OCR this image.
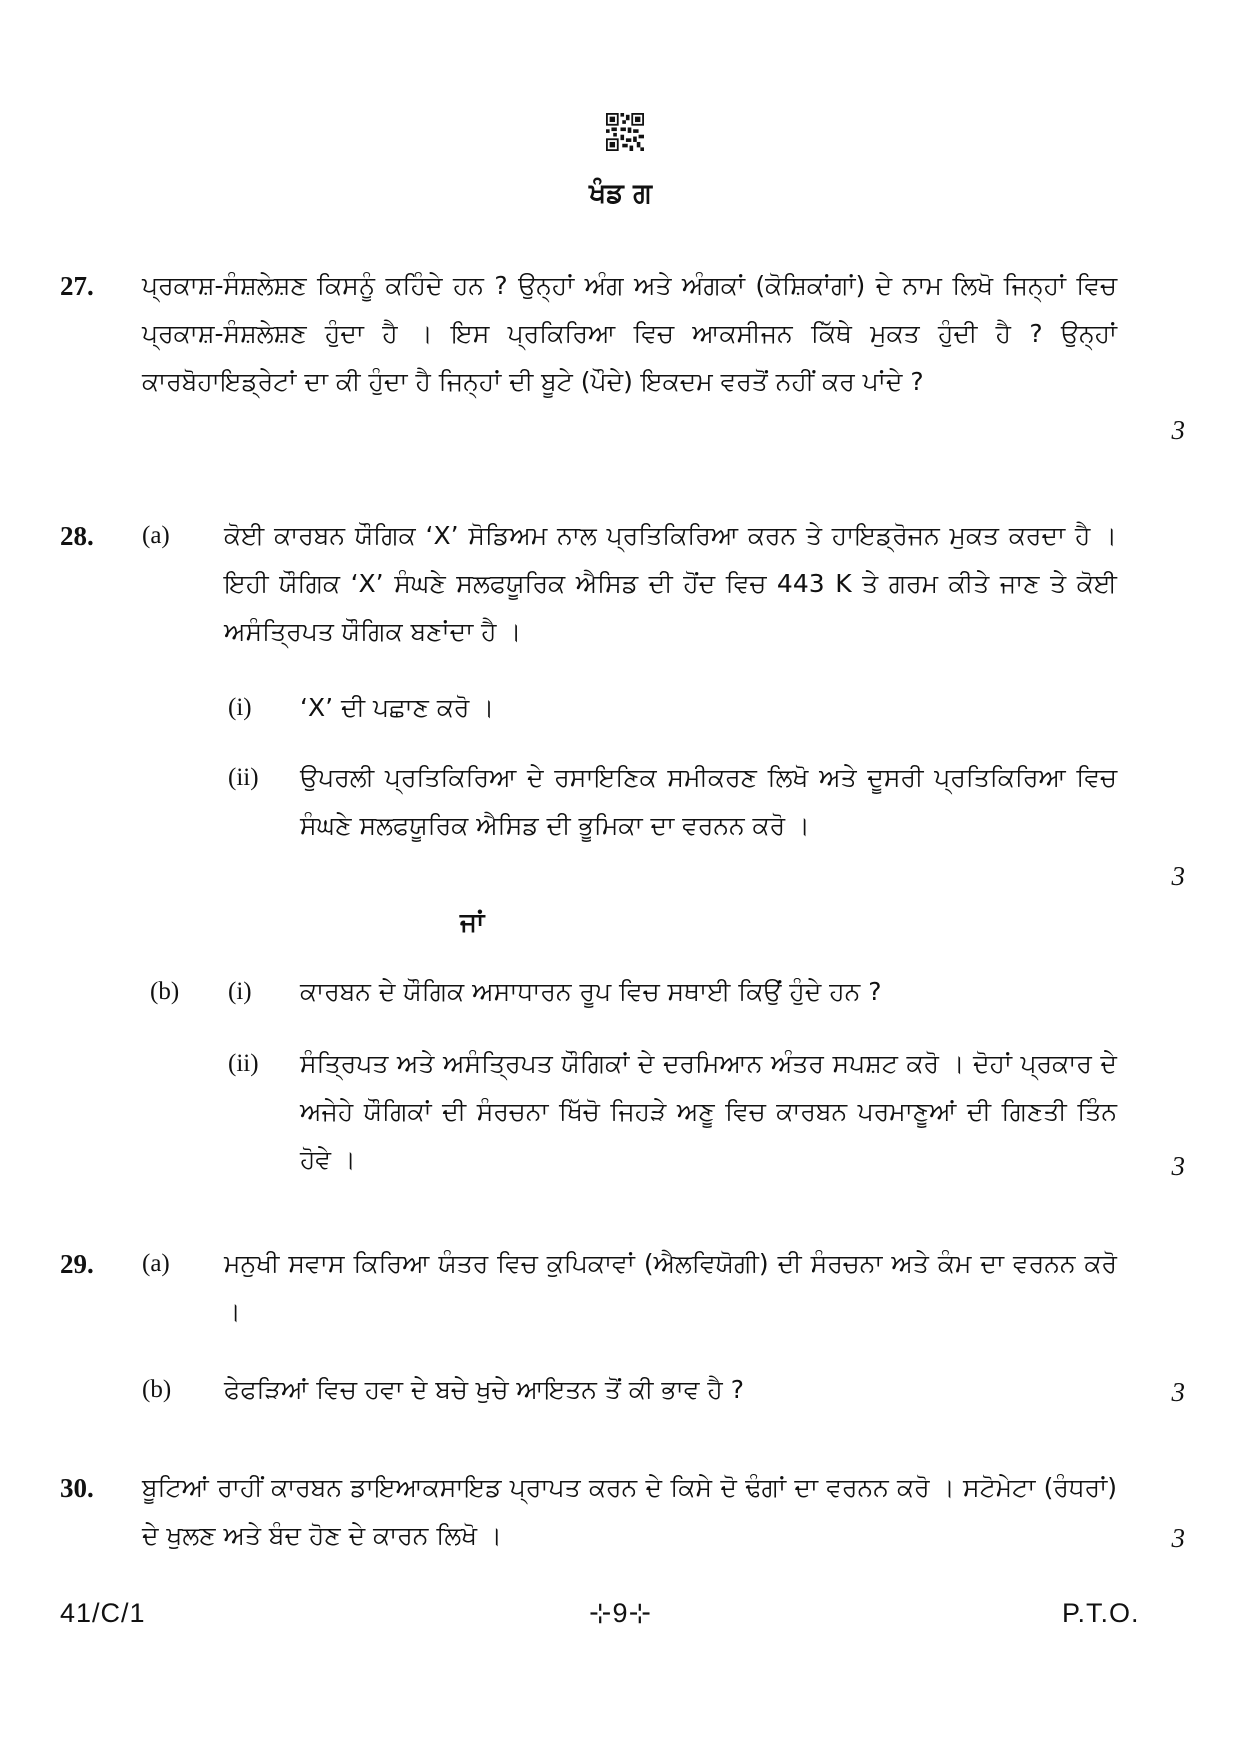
ਖੰਡ ਗ
27. ਪ੍ਰਕਾਸ਼-ਸੰਸ਼ਲੇਸ਼ਣ ਕਿਸਨੂੰ ਕਹਿੰਦੇ ਹਨ ? ਉਨ੍ਹਾਂ ਅੰਗ ਅਤੇ ਅੰਗਕਾਂ (ਕੋਸ਼ਿਕਾਂਗਾਂ) ਦੇ ਨਾਮ ਲਿਖੋ ਜਿਨ੍ਹਾਂ ਵਿਚ ਪ੍ਰਕਾਸ਼-ਸੰਸ਼ਲੇਸ਼ਣ ਹੁੰਦਾ ਹੈ । ਇਸ ਪ੍ਰਕਿਰਿਆ ਵਿਚ ਆਕਸੀਜਨ ਕਿੱਥੇ ਮੁਕਤ ਹੁੰਦੀ ਹੈ ? ਉਨ੍ਹਾਂ ਕਾਰਬੋਹਾਇਡ੍ਰੇਟਾਂ ਦਾ ਕੀ ਹੁੰਦਾ ਹੈ ਜਿਨ੍ਹਾਂ ਦੀ ਬੂਟੇ (ਪੌਦੇ) ਇਕਦਮ ਵਰਤੋਂ ਨਹੀਂ ਕਰ ਪਾਂਦੇ ?
3
28. (a) ਕੋਈ ਕਾਰਬਨ ਯੌਗਿਕ ‘X’ ਸੋਡਿਅਮ ਨਾਲ ਪ੍ਰਤਿਕਿਰਿਆ ਕਰਨ ਤੇ ਹਾਇਡ੍ਰੋਜਨ ਮੁਕਤ ਕਰਦਾ ਹੈ । ਇਹੀ ਯੌਗਿਕ ‘X’ ਸੰਘਣੇ ਸਲਫਯੂਰਿਕ ਐਸਿਡ ਦੀ ਹੋਂਦ ਵਿਚ 443 K ਤੇ ਗਰਮ ਕੀਤੇ ਜਾਣ ਤੇ ਕੋਈ ਅਸੰਤ੍ਰਿਪਤ ਯੌਗਿਕ ਬਣਾਂਦਾ ਹੈ ।
(i) ‘X’ ਦੀ ਪਛਾਣ ਕਰੋ ।
(ii) ਉਪਰਲੀ ਪ੍ਰਤਿਕਿਰਿਆ ਦੇ ਰਸਾਇਣਿਕ ਸਮੀਕਰਣ ਲਿਖੋ ਅਤੇ ਦੂਸਰੀ ਪ੍ਰਤਿਕਿਰਿਆ ਵਿਚ ਸੰਘਣੇ ਸਲਫਯੂਰਿਕ ਐਸਿਡ ਦੀ ਭੂਮਿਕਾ ਦਾ ਵਰਨਨ ਕਰੋ ।
3
ਜਾਂ
(b) (i) ਕਾਰਬਨ ਦੇ ਯੌਗਿਕ ਅਸਾਧਾਰਨ ਰੂਪ ਵਿਚ ਸਥਾਈ ਕਿਉਂ ਹੁੰਦੇ ਹਨ ?
(ii) ਸੰਤ੍ਰਿਪਤ ਅਤੇ ਅਸੰਤ੍ਰਿਪਤ ਯੌਗਿਕਾਂ ਦੇ ਦਰਮਿਆਨ ਅੰਤਰ ਸਪਸ਼ਟ ਕਰੋ । ਦੋਹਾਂ ਪ੍ਰਕਾਰ ਦੇ ਅਜੇਹੇ ਯੌਗਿਕਾਂ ਦੀ ਸੰਰਚਨਾ ਖਿੱਚੋ ਜਿਹੜੇ ਅਣੂ ਵਿਚ ਕਾਰਬਨ ਪਰਮਾਣੂਆਂ ਦੀ ਗਿਣਤੀ ਤਿੰਨ ਹੋਵੇ ।	3
29. (a) ਮਨੁਖੀ ਸਵਾਸ ਕਿਰਿਆ ਯੰਤਰ ਵਿਚ ਕੁਪਿਕਾਵਾਂ (ਐਲਵਿਯੋਗੀ) ਦੀ ਸੰਰਚਨਾ ਅਤੇ ਕੰਮ ਦਾ ਵਰਨਨ ਕਰੋ ।
(b) ਫੇਫੜਿਆਂ ਵਿਚ ਹਵਾ ਦੇ ਬਚੇ ਖੁਚੇ ਆਇਤਨ ਤੋਂ ਕੀ ਭਾਵ ਹੈ ?	3
30. ਬੂਟਿਆਂ ਰਾਹੀਂ ਕਾਰਬਨ ਡਾਇਆਕਸਾਇਡ ਪ੍ਰਾਪਤ ਕਰਨ ਦੇ ਕਿਸੇ ਦੋ ਢੰਗਾਂ ਦਾ ਵਰਨਨ ਕਰੋ । ਸਟੋਮੇਟਾ (ਰੰਧਰਾਂ) ਦੇ ਖੁਲਣ ਅਤੇ ਬੰਦ ਹੋਣ ਦੇ ਕਾਰਨ ਲਿਖੋ ।	3
41/C/1	⊹9⊹	P.T.O.
